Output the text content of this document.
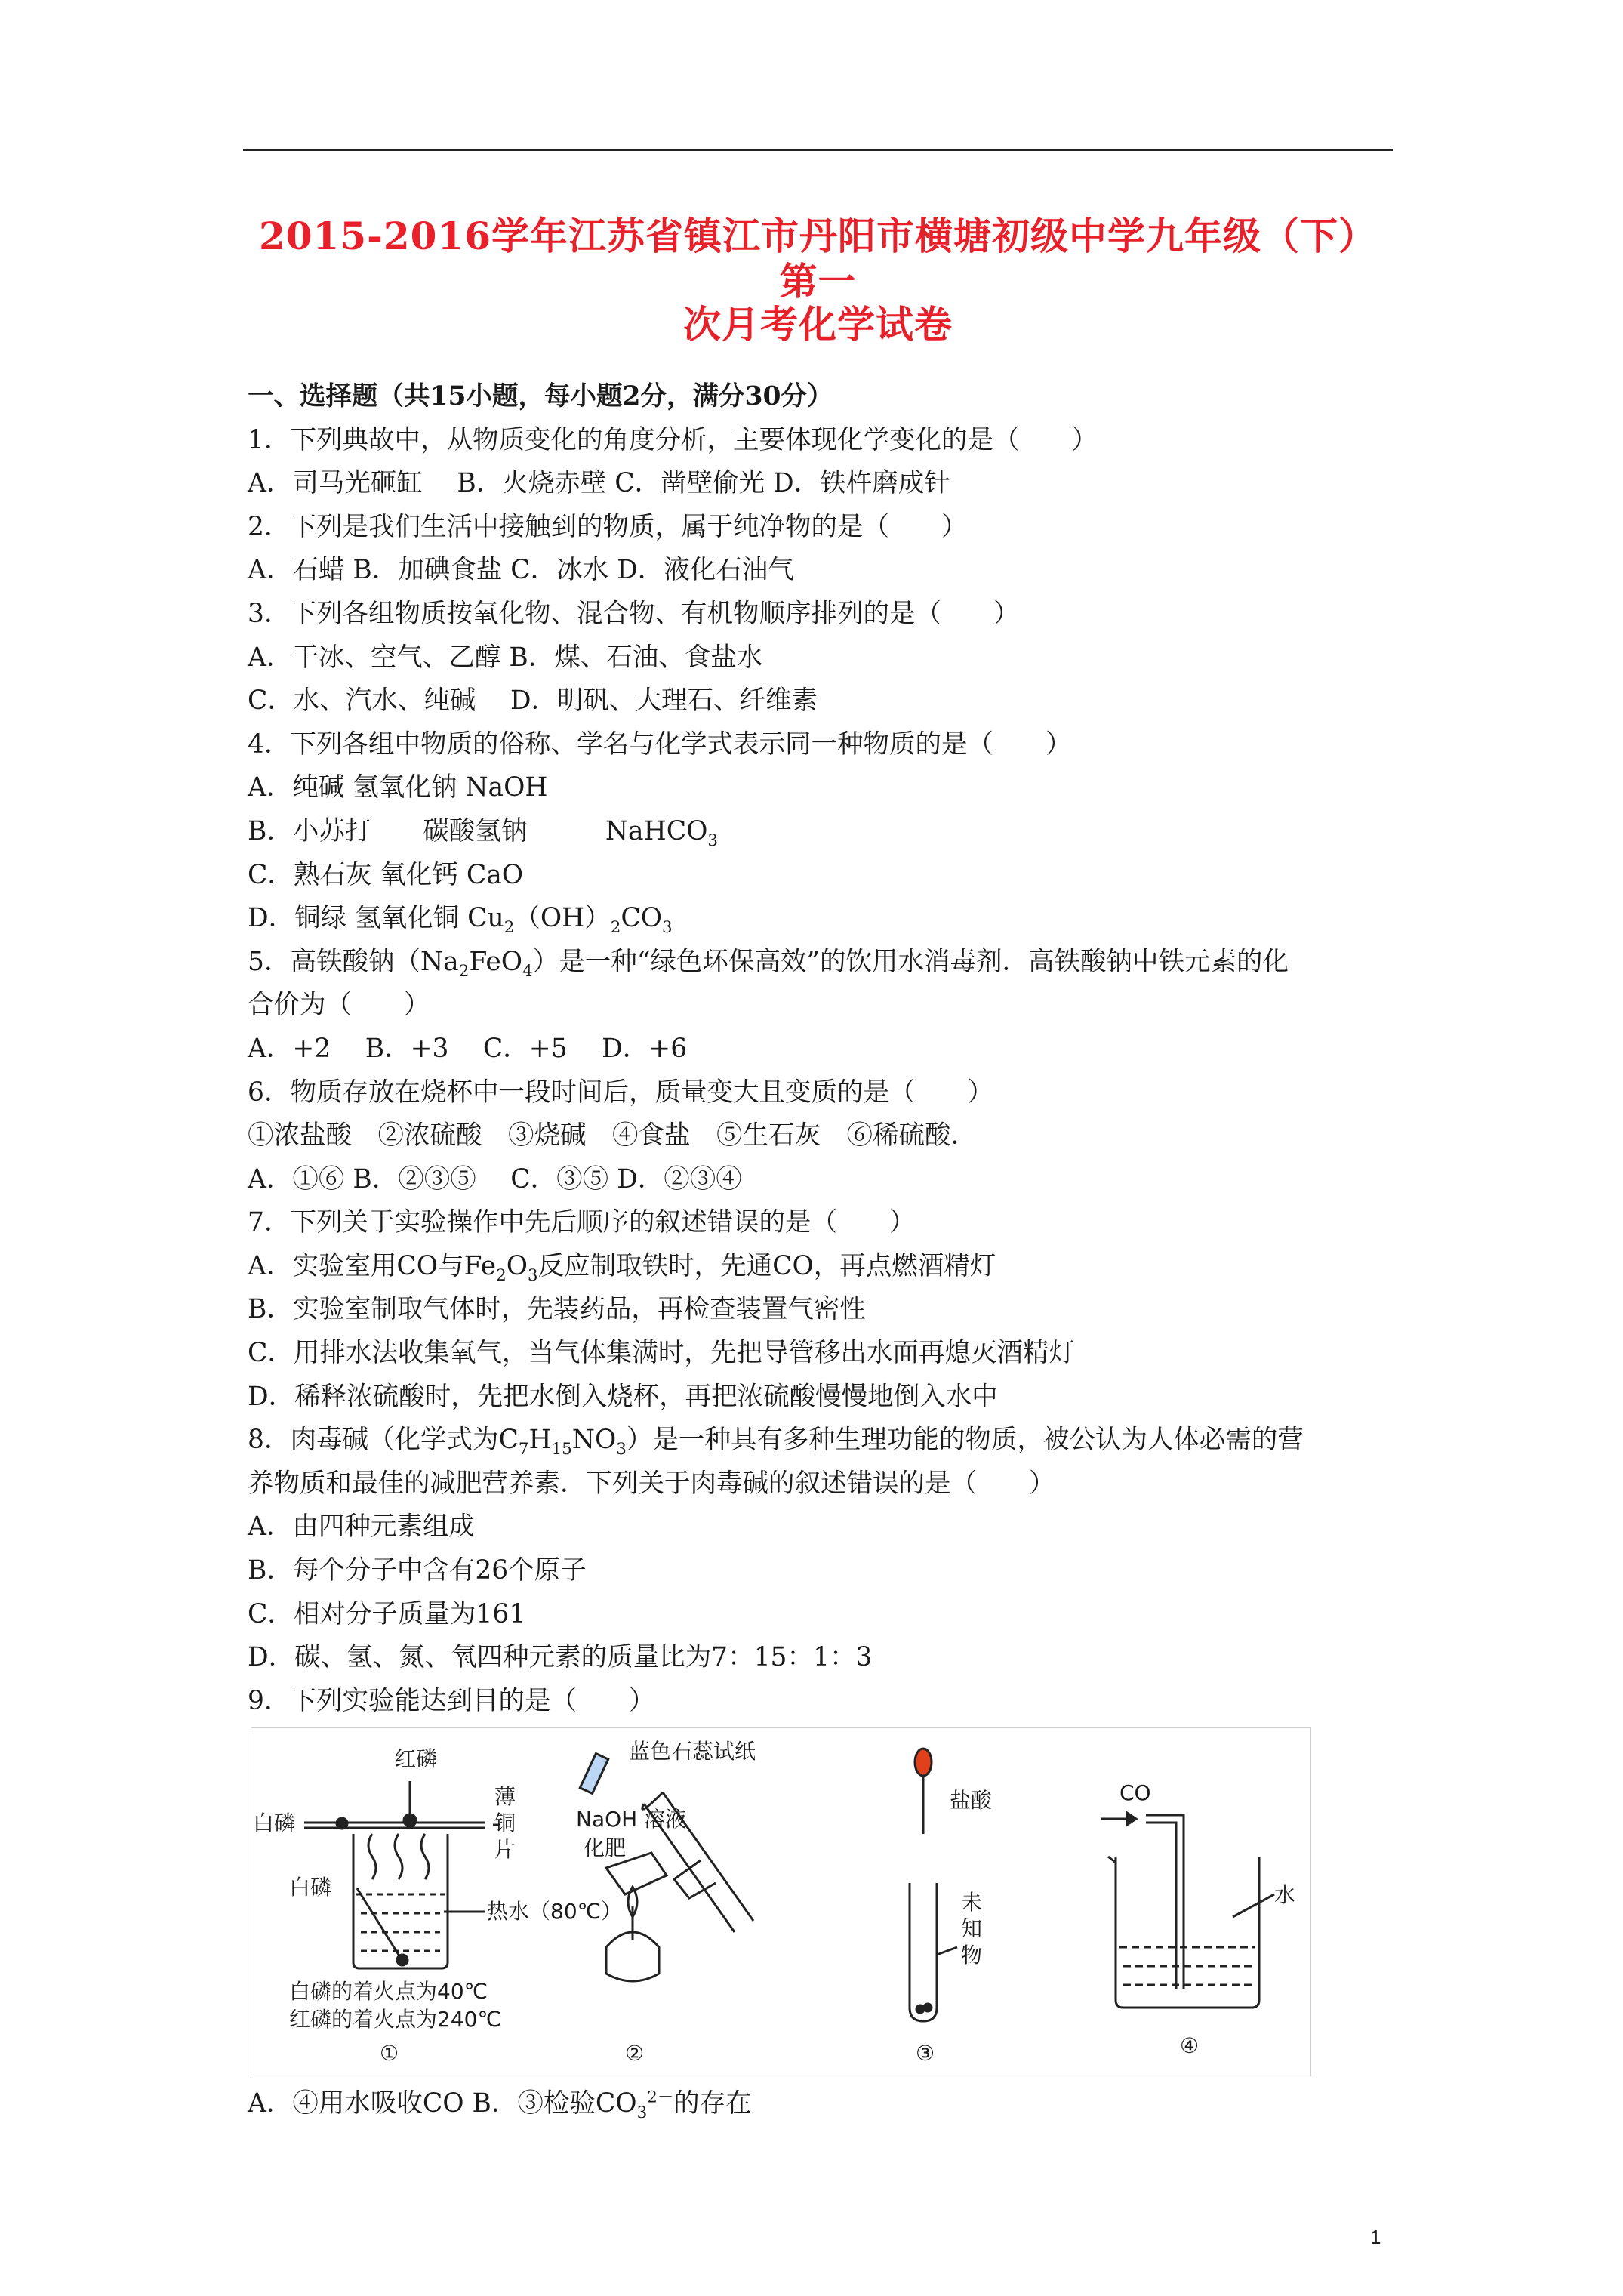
2015-2016学年江苏省镇江市丹阳市横塘初级中学九年级（下）第一
次月考化学试卷
一、选择题（共15小题，每小题2分，满分30分）
1．下列典故中，从物质变化的角度分析，主要体现化学变化的是（　　）
A．司马光砸缸　 B．火烧赤壁 C．凿壁偷光 D．铁杵磨成针
2．下列是我们生活中接触到的物质，属于纯净物的是（　　）
A．石蜡 B．加碘食盐 C．冰水 D．液化石油气
3．下列各组物质按氧化物、混合物、有机物顺序排列的是（　　）
A．干冰、空气、乙醇 B．煤、石油、食盐水
C．水、汽水、纯碱　 D．明矾、大理石、纤维素
4．下列各组中物质的俗称、学名与化学式表示同一种物质的是（　　）
A．纯碱 氢氧化钠 NaOH
B．小苏打　　碳酸氢钠　　　NaHCO$_3$
C．熟石灰 氧化钙 CaO
D．铜绿 氢氧化铜 $Cu_2(OH)_2CO_3$
5．高铁酸钠$(Na_2FeO_4)$是一种“绿色环保高效”的饮用水消毒剂．高铁酸钠中铁元素的化
合价为（　　）
A．+2　 B．+3　 C．+5　 D．+6
6．物质存放在烧杯中一段时间后，质量变大且变质的是（　　）
①浓盐酸　②浓硫酸　③烧碱　④食盐　⑤生石灰　⑥稀硫酸．
A．①⑥ B．②③⑤　 C．③⑤ D．②③④
7．下列关于实验操作中先后顺序的叙述错误的是（　　）
A．实验室用CO与$Fe_2O_3$反应制取铁时，先通CO，再点燃酒精灯
B．实验室制取气体时，先装药品，再检查装置气密性
C．用排水法收集氧气，当气体集满时，先把导管移出水面再熄灭酒精灯
D．稀释浓硫酸时，先把水倒入烧杯，再把浓硫酸慢慢地倒入水中
8．肉毒碱（化学式为$C_7H_{15}NO_3$）是一种具有多种生理功能的物质，被公认为人体必需的营
养物质和最佳的减肥营养素．下列关于肉毒碱的叙述错误的是（　　）
A．由四种元素组成
B．每个分子中含有26个原子
C．相对分子质量为161
D．碳、氢、氮、氧四种元素的质量比为7：15：1：3
9．下列实验能达到目的是（　　）
红磷
白磷
薄
铜
片
白磷
热水（80℃）
白磷的着火点为40℃
红磷的着火点为240℃
①
蓝色石蕊试纸
NaOH 溶液
化肥
②
盐酸
未
知
物
③
CO
水
④
A．④用水吸收CO B．③检验$CO_3^{2-}$的存在
1
